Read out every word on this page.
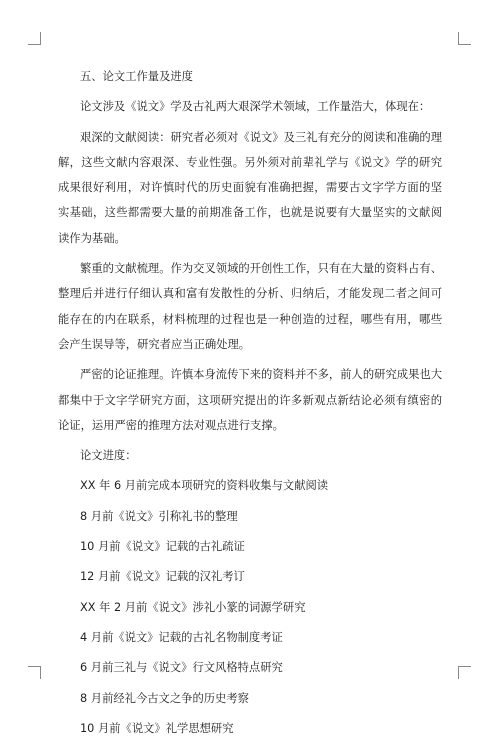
五、论文工作量及进度

论文涉及《说文》学及古礼两大艰深学术领域，工作量浩大，体现在：

艰深的文献阅读：研究者必须对《说文》及三礼有充分的阅读和准确的理解，这些文献内容艰深、专业性强。另外须对前辈礼学与《说文》学的研究成果很好利用，对许慎时代的历史面貌有准确把握，需要古文字学方面的坚实基础，这些都需要大量的前期准备工作，也就是说要有大量坚实的文献阅读作为基础。

繁重的文献梳理。作为交叉领域的开创性工作，只有在大量的资料占有、整理后并进行仔细认真和富有发散性的分析、归纳后，才能发现二者之间可能存在的内在联系，材料梳理的过程也是一种创造的过程，哪些有用，哪些会产生误导等，研究者应当正确处理。

严密的论证推理。许慎本身流传下来的资料并不多，前人的研究成果也大都集中于文字学研究方面，这项研究提出的许多新观点新结论必须有缜密的论证，运用严密的推理方法对观点进行支撑。

论文进度：

XX 年 6 月前完成本项研究的资料收集与文献阅读
8 月前《说文》引称礼书的整理
10 月前《说文》记载的古礼疏证
12 月前《说文》记载的汉礼考订
XX 年 2 月前《说文》涉礼小篆的词源学研究
4 月前《说文》记载的古礼名物制度考证
6 月前三礼与《说文》行文风格特点研究
8 月前经礼今古文之争的历史考察
10 月前《说文》礼学思想研究
